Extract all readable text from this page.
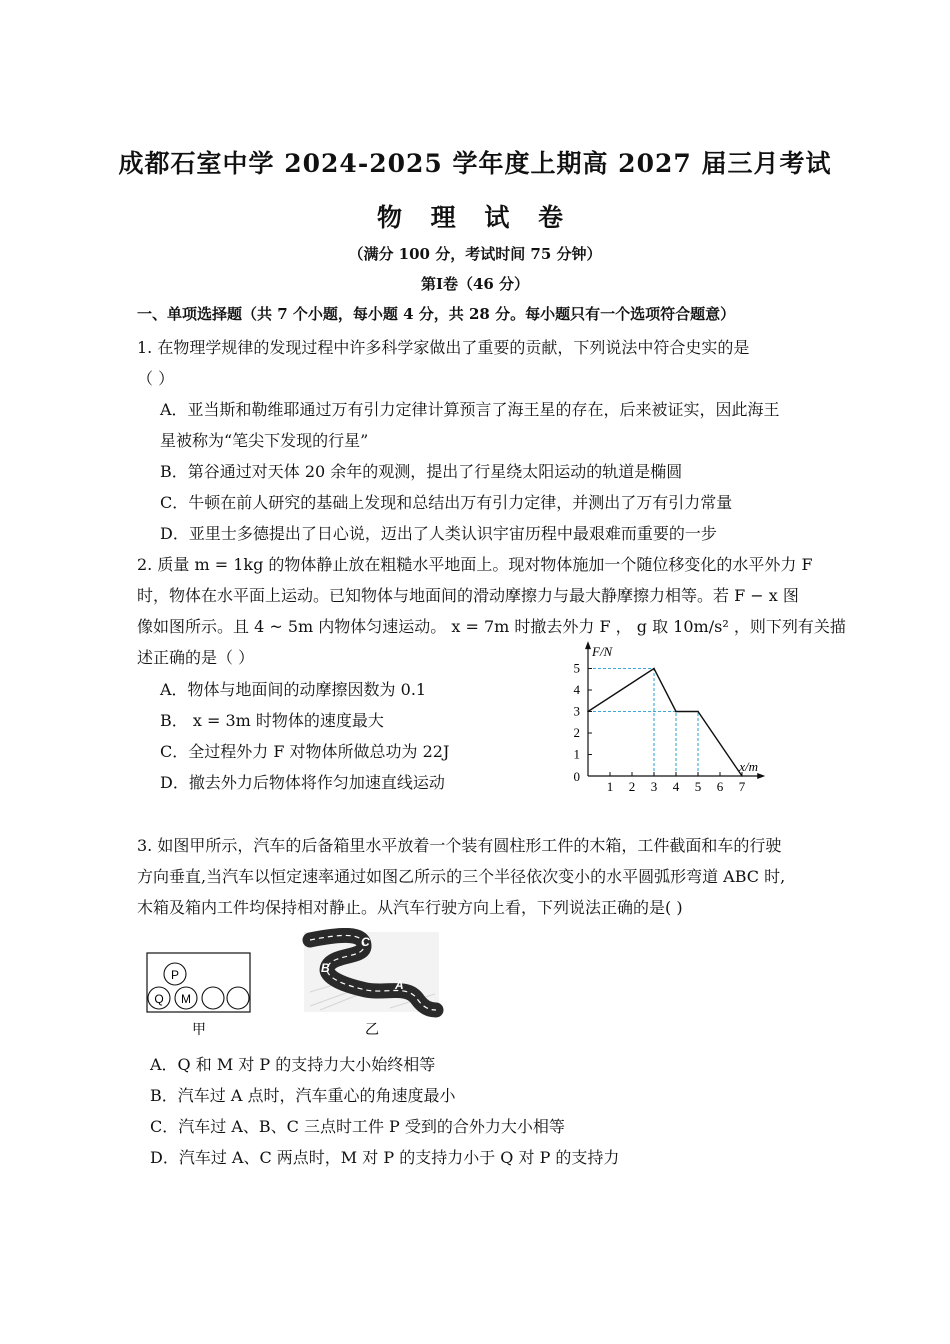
成都石室中学 2024-2025 学年度上期高 2027 届三月考试
物 理 试 卷
（满分 100 分，考试时间 75 分钟）
第Ⅰ卷（46 分）
一、单项选择题（共 7 个小题，每小题 4 分，共 28 分。每小题只有一个选项符合题意）
1. 在物理学规律的发现过程中许多科学家做出了重要的贡献，下列说法中符合史实的是
（ ）
A．亚当斯和勒维耶通过万有引力定律计算预言了海王星的存在，后来被证实，因此海王
星被称为“笔尖下发现的行星”
B．第谷通过对天体 20 余年的观测，提出了行星绕太阳运动的轨道是椭圆
C．牛顿在前人研究的基础上发现和总结出万有引力定律，并测出了万有引力常量
D．亚里士多德提出了日心说，迈出了人类认识宇宙历程中最艰难而重要的一步
2. 质量 m = 1kg 的物体静止放在粗糙水平地面上。现对物体施加一个随位移变化的水平外力 F
时，物体在水平面上运动。已知物体与地面间的滑动摩擦力与最大静摩擦力相等。若 F − x 图
像如图所示。且 4 ~ 5m 内物体匀速运动。 x = 7m 时撤去外力 F ， g 取 10m/s² ，则下列有关描
述正确的是（ ）
A．物体与地面间的动摩擦因数为 0.1
B． x = 3m 时物体的速度最大
C．全过程外力 F 对物体所做总功为 22J
D．撤去外力后物体将作匀加速直线运动	1 2 3 4 5 6 7
1
2
3
4
5
0
F/N
x/m
3. 如图甲所示，汽车的后备箱里水平放着一个装有圆柱形工件的木箱，工件截面和车的行驶
方向垂直,当汽车以恒定速率通过如图乙所示的三个半径依次变小的水平圆弧形弯道 ABC 时,
木箱及箱内工件均保持相对静止。从汽车行驶方向上看，下列说法正确的是( )
P
Q M
甲
C
B
A
乙
A．Q 和 M 对 P 的支持力大小始终相等
B．汽车过 A 点时，汽车重心的角速度最小
C．汽车过 A、B、C 三点时工件 P 受到的合外力大小相等
D．汽车过 A、C 两点时，M 对 P 的支持力小于 Q 对 P 的支持力
